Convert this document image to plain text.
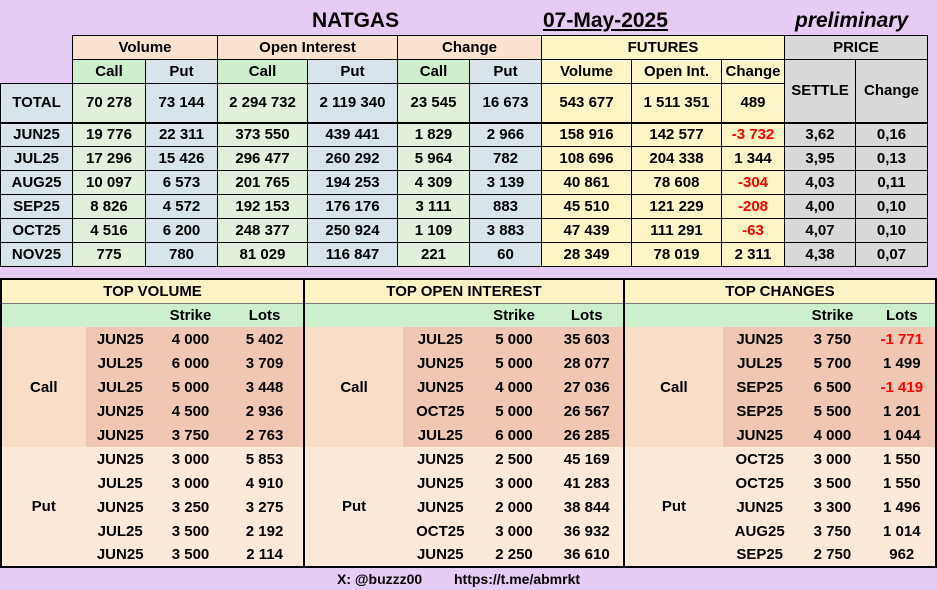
NATGAS	07-May-2025	preliminary
	Volume		Open Interest		Change		FUTURES			PRICE	
	Call	Put	Call	Put	Call	Put	Volume	Open Int.	Change	SETTLE	Change
TOTAL	70 278	73 144	2 294 732	2 119 340	23 545	16 673	543 677	1 511 351	489		
JUN25	19 776	22 311	373 550	439 441	1 829	2 966	158 916	142 577	-3 732	3,62	0,16
JUL25	17 296	15 426	296 477	260 292	5 964	782	108 696	204 338	1 344	3,95	0,13
AUG25	10 097	6 573	201 765	194 253	4 309	3 139	40 861	78 608	-304	4,03	0,11
SEP25	8 826	4 572	192 153	176 176	3 111	883	45 510	121 229	-208	4,00	0,10
OCT25	4 516	6 200	248 377	250 924	1 109	3 883	47 439	111 291	-63	4,07	0,10
NOV25	775	780	81 029	116 847	221	60	28 349	78 019	2 311	4,38	0,07
TOP VOLUME				TOP OPEN INTEREST				TOP CHANGES			
		Strike	Lots			Strike	Lots			Strike	Lots
Call	JUN25	4 000	5 402	Call	JUL25	5 000	35 603	Call	JUN25	3 750	-1 771
	JUL25	6 000	3 709		JUN25	5 000	28 077		JUL25	5 700	1 499
	JUL25	5 000	3 448		JUN25	4 000	27 036		SEP25	6 500	-1 419
	JUN25	4 500	2 936		OCT25	5 000	26 567		SEP25	5 500	1 201
	JUN25	3 750	2 763		JUL25	6 000	26 285		JUN25	4 000	1 044
Put	JUN25	3 000	5 853	Put	JUN25	2 500	45 169	Put	OCT25	3 000	1 550
	JUL25	3 000	4 910		JUN25	3 000	41 283		OCT25	3 500	1 550
	JUN25	3 250	3 275		JUN25	2 000	38 844		JUN25	3 300	1 496
	JUL25	3 500	2 192		OCT25	3 000	36 932		AUG25	3 750	1 014
	JUN25	3 500	2 114		JUN25	2 250	36 610		SEP25	2 750	962
X: @buzzz00 https://t.me/abmrkt
